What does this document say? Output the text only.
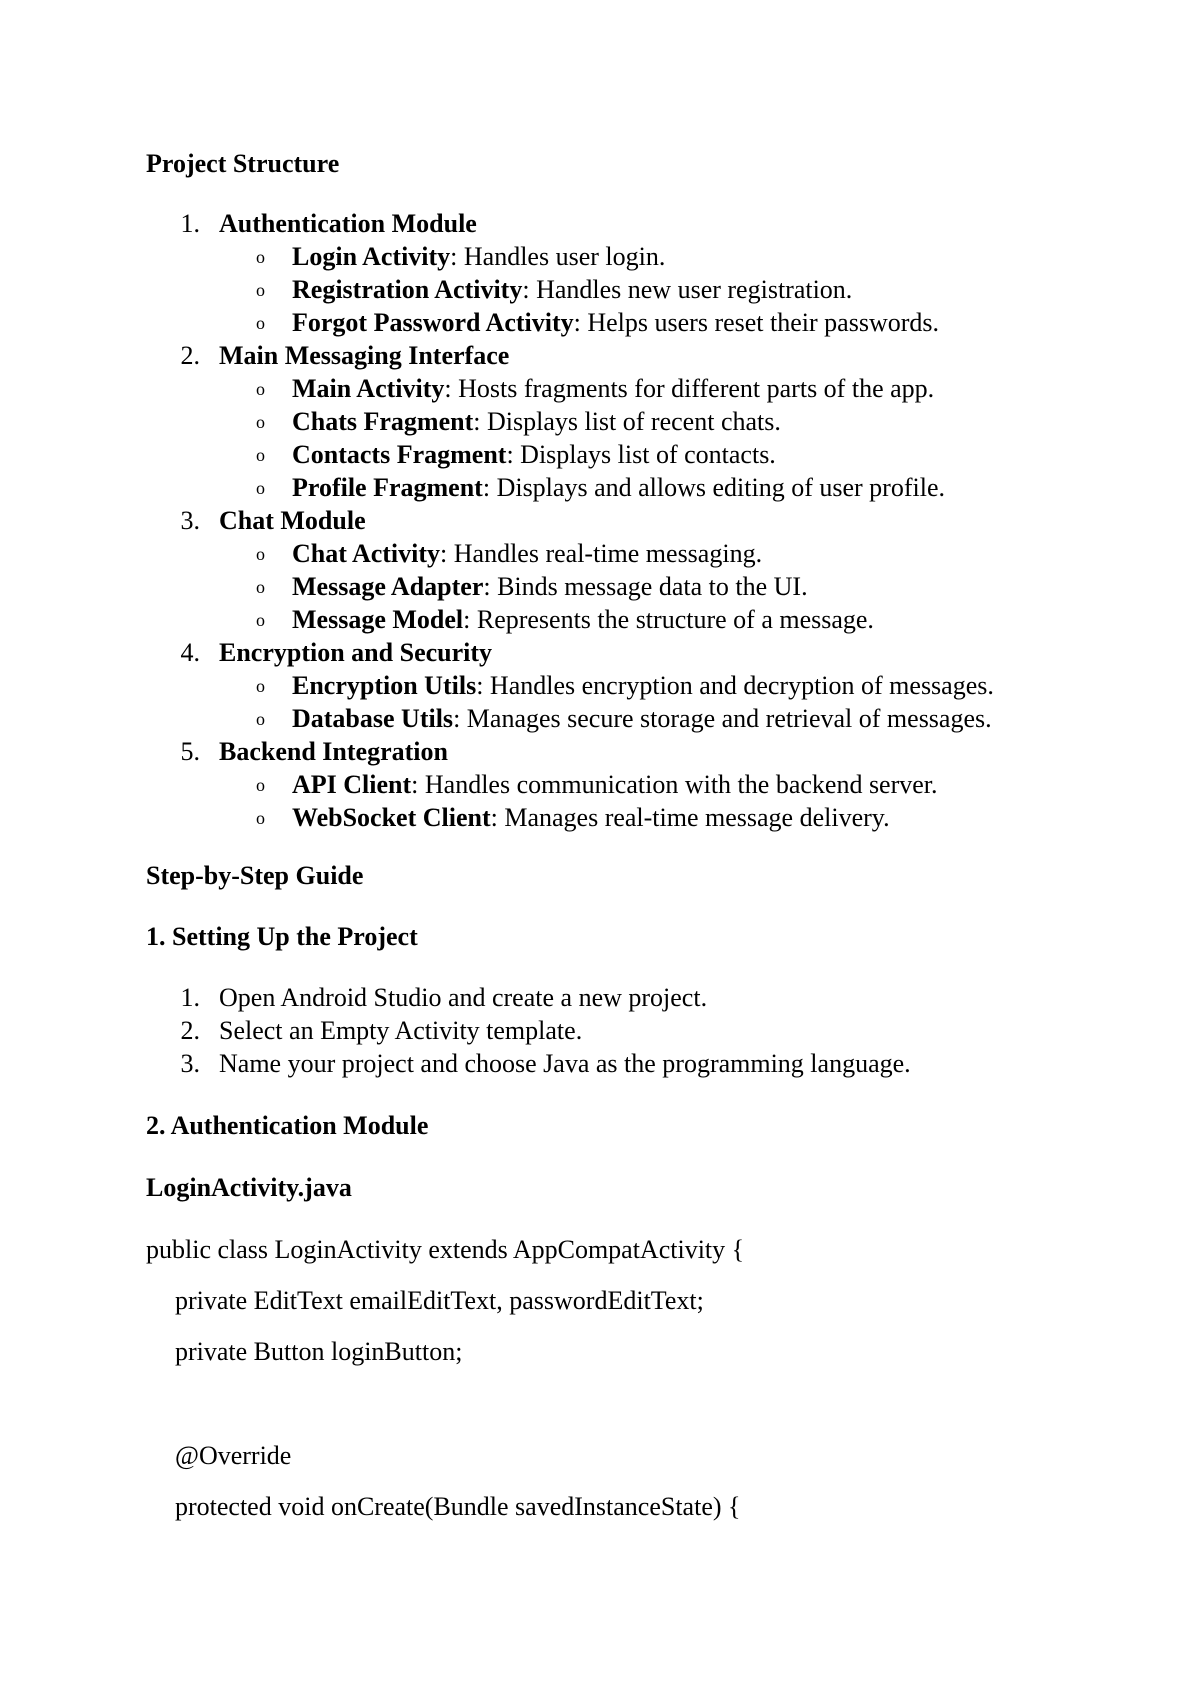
Project Structure
1. Authentication Module
o Login Activity: Handles user login.
o Registration Activity: Handles new user registration.
o Forgot Password Activity: Helps users reset their passwords.
2. Main Messaging Interface
o Main Activity: Hosts fragments for different parts of the app.
o Chats Fragment: Displays list of recent chats.
o Contacts Fragment: Displays list of contacts.
o Profile Fragment: Displays and allows editing of user profile.
3. Chat Module
o Chat Activity: Handles real-time messaging.
o Message Adapter: Binds message data to the UI.
o Message Model: Represents the structure of a message.
4. Encryption and Security
o Encryption Utils: Handles encryption and decryption of messages.
o Database Utils: Manages secure storage and retrieval of messages.
5. Backend Integration
o API Client: Handles communication with the backend server.
o WebSocket Client: Manages real-time message delivery.
Step-by-Step Guide
1. Setting Up the Project
1. Open Android Studio and create a new project.
2. Select an Empty Activity template.
3. Name your project and choose Java as the programming language.
2. Authentication Module
LoginActivity.java
public class LoginActivity extends AppCompatActivity {
private EditText emailEditText, passwordEditText;
private Button loginButton;
@Override
protected void onCreate(Bundle savedInstanceState) {
